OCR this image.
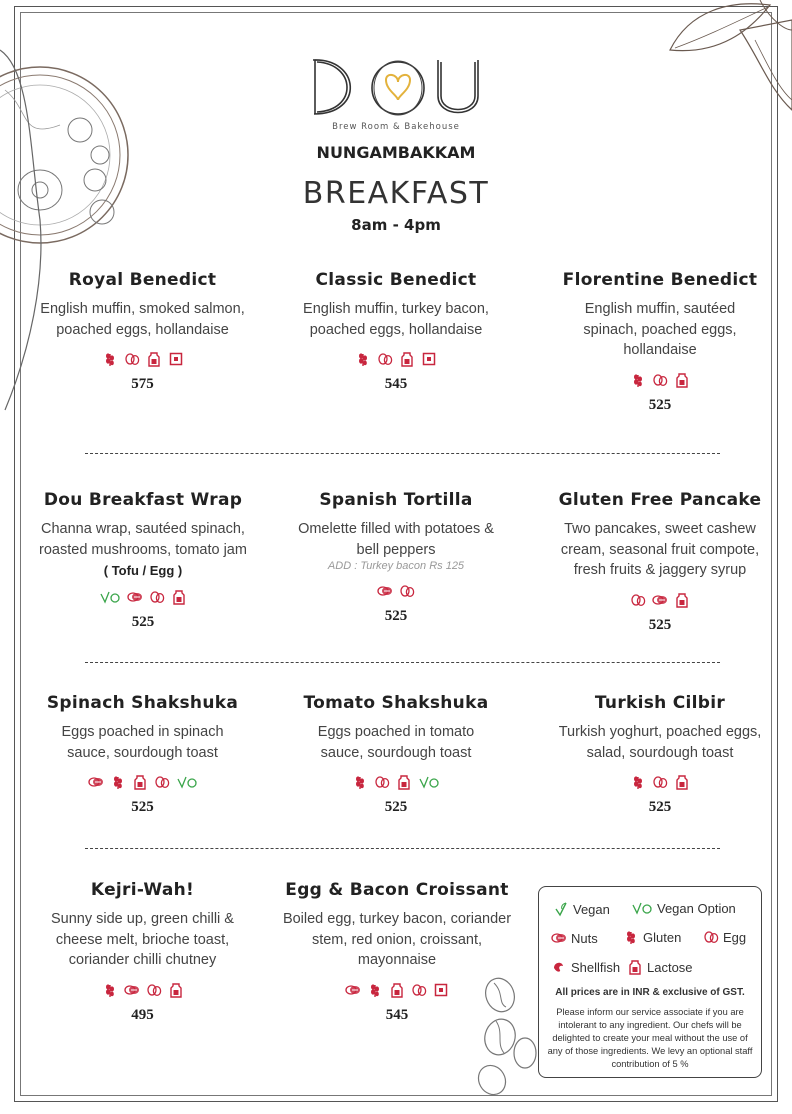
Brew Room & Bakehouse
NUNGAMBAKKAM
BREAKFAST
8am - 4pm
Royal Benedict
English muffin, smoked salmon, poached eggs, hollandaise
575
Classic Benedict
English muffin, turkey bacon, poached eggs, hollandaise
545
Florentine Benedict
English muffin, sautéed spinach, poached eggs, hollandaise
525
Dou Breakfast Wrap
Channa wrap, sautéed spinach, roasted mushrooms, tomato jam
( Tofu / Egg )
525
Spanish Tortilla
Omelette filled with potatoes & bell peppers
ADD : Turkey bacon Rs 125
525
Gluten Free Pancake
Two pancakes, sweet cashew cream, seasonal fruit compote, fresh fruits & jaggery syrup
525
Spinach Shakshuka
Eggs poached in spinach sauce, sourdough toast
525
Tomato Shakshuka
Eggs poached in tomato sauce, sourdough toast
525
Turkish Cilbir
Turkish yoghurt, poached eggs, salad, sourdough toast
525
Kejri-Wah!
Sunny side up, green chilli & cheese melt, brioche toast, coriander chilli chutney
495
Egg & Bacon Croissant
Boiled egg, turkey bacon, coriander stem, red onion, croissant, mayonnaise
545
Vegan	Vegan Option
Nuts	Gluten	Egg
Shellfish Lactose
All prices are in INR & exclusive of GST.
Please inform our service associate if you are intolerant to any ingredient. Our chefs will be delighted to create your meal without the use of any of those ingredients. We levy an optional staff contribution of 5 %
